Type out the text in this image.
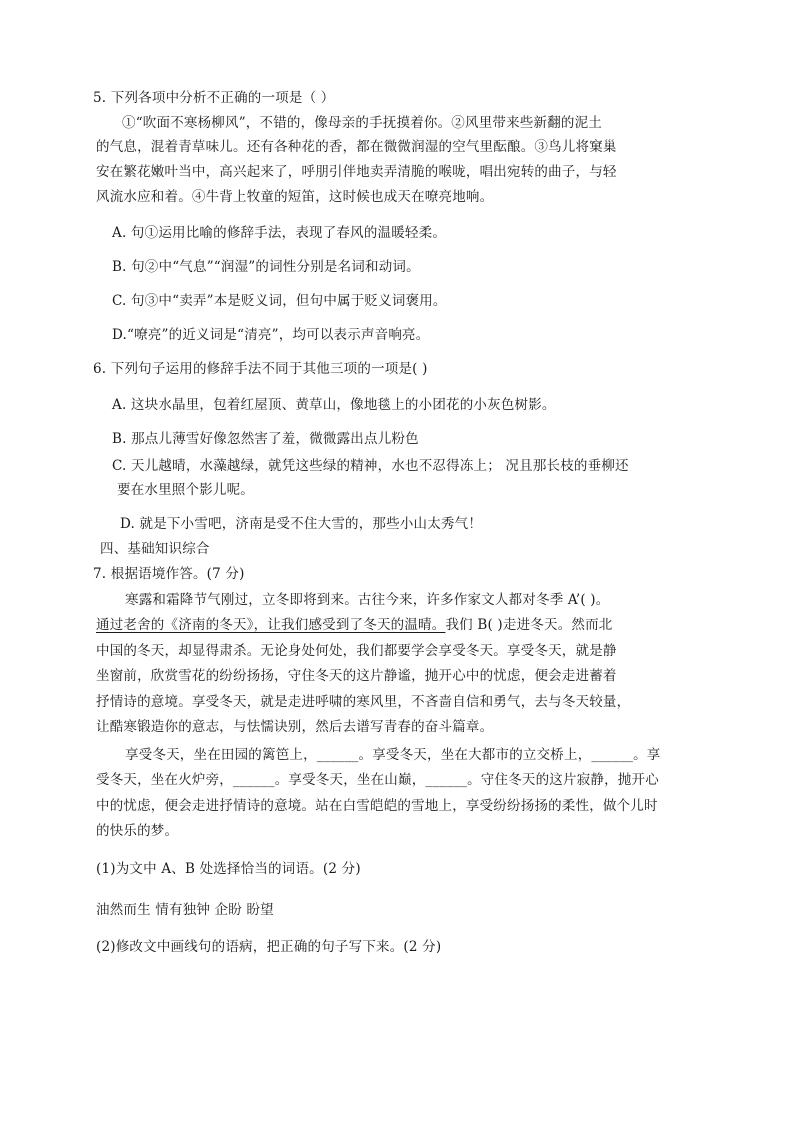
5. 下列各项中分析不正确的一项是（ ）
①“吹面不寒杨柳风”，不错的，像母亲的手抚摸着你。②风里带来些新翻的泥土
的气息，混着青草味儿。还有各种花的香，都在微微润湿的空气里酝酿。③鸟儿将窠巢
安在繁花嫩叶当中，高兴起来了，呼朋引伴地卖弄清脆的喉咙，唱出宛转的曲子，与轻
风流水应和着。④牛背上牧童的短笛，这时候也成天在嘹亮地响。
A. 句①运用比喻的修辞手法，表现了春风的温暖轻柔。
B. 句②中“气息”“润湿”的词性分别是名词和动词。
C. 句③中“卖弄”本是贬义词，但句中属于贬义词褒用。
D.“嘹亮”的近义词是“清亮”，均可以表示声音响亮。
6. 下列句子运用的修辞手法不同于其他三项的一项是( )
A. 这块水晶里，包着红屋顶、黄草山，像地毯上的小团花的小灰色树影。
B. 那点儿薄雪好像忽然害了羞，微微露出点儿粉色
C. 天儿越晴，水藻越绿，就凭这些绿的精神，水也不忍得冻上； 况且那长枝的垂柳还
要在水里照个影儿呢。
D. 就是下小雪吧，济南是受不住大雪的，那些小山太秀气！
四、基础知识综合
7. 根据语境作答。(7 分)
寒露和霜降节气刚过，立冬即将到来。古往今来，许多作家文人都对冬季 A’( )。
通过老舍的《济南的冬天》，让我们感受到了冬天的温晴。我们 B( )走进冬天。然而北
中国的冬天，却显得肃杀。无论身处何处，我们都要学会享受冬天。享受冬天，就是静
坐窗前，欣赏雪花的纷纷扬扬，守住冬天的这片静谧，抛开心中的忧虑，便会走进蓄着
抒情诗的意境。享受冬天，就是走进呼啸的寒风里，不吝啬自信和勇气，去与冬天较量，
让酷寒锻造你的意志，与怯懦诀别，然后去谱写青春的奋斗篇章。
享受冬天，坐在田园的篱笆上，______。享受冬天，坐在大都市的立交桥上，______。享
受冬天，坐在火炉旁，______。享受冬天，坐在山巅，______。守住冬天的这片寂静，抛开心
中的忧虑，便会走进抒情诗的意境。站在白雪皑皑的雪地上，享受纷纷扬扬的柔性，做个儿时
的快乐的梦。
(1)为文中 A、B 处选择恰当的词语。(2 分)
油然而生 情有独钟 企盼 盼望
(2)修改文中画线句的语病，把正确的句子写下来。(2 分)
